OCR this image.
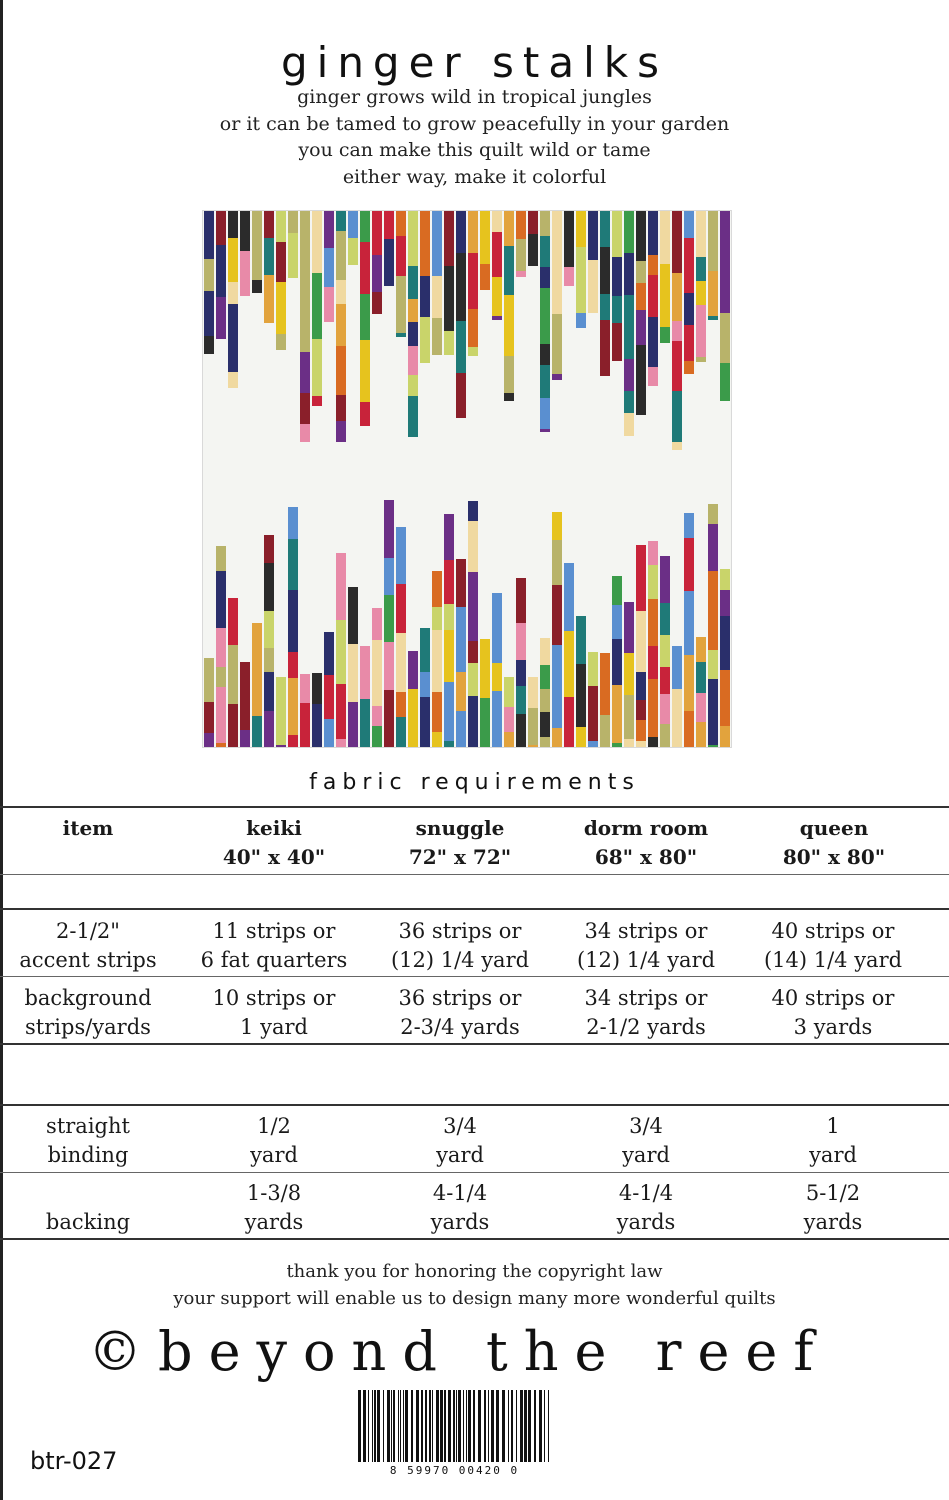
ginger stalks
ginger grows wild in tropical jungles
or it can be tamed to grow peacefully in your garden
you can make this quilt wild or tame
either way, make it colorful
fabric requirements
item	keiki
40" x 40"
snuggle
72" x 72"
dorm room
68" x 80"
queen
80" x 80"
2-1/2"
accent strips
11 strips or
6 fat quarters
36 strips or
(12) 1/4 yard
34 strips or
(12) 1/4 yard
40 strips or
(14) 1/4 yard
background
strips/yards
10 strips or
1 yard
36 strips or
2-3/4 yards
34 strips or
2-1/2 yards
40 strips or
3 yards
straight
binding
1/2
yard
3/4
yard
3/4
yard
1
yard

backing
1-3/8
yards
4-1/4
yards
4-1/4
yards
5-1/2
yards
thank you for honoring the copyright law
your support will enable us to design many more wonderful quilts
©beyond the reef
8 59970 00420 0
btr-027
